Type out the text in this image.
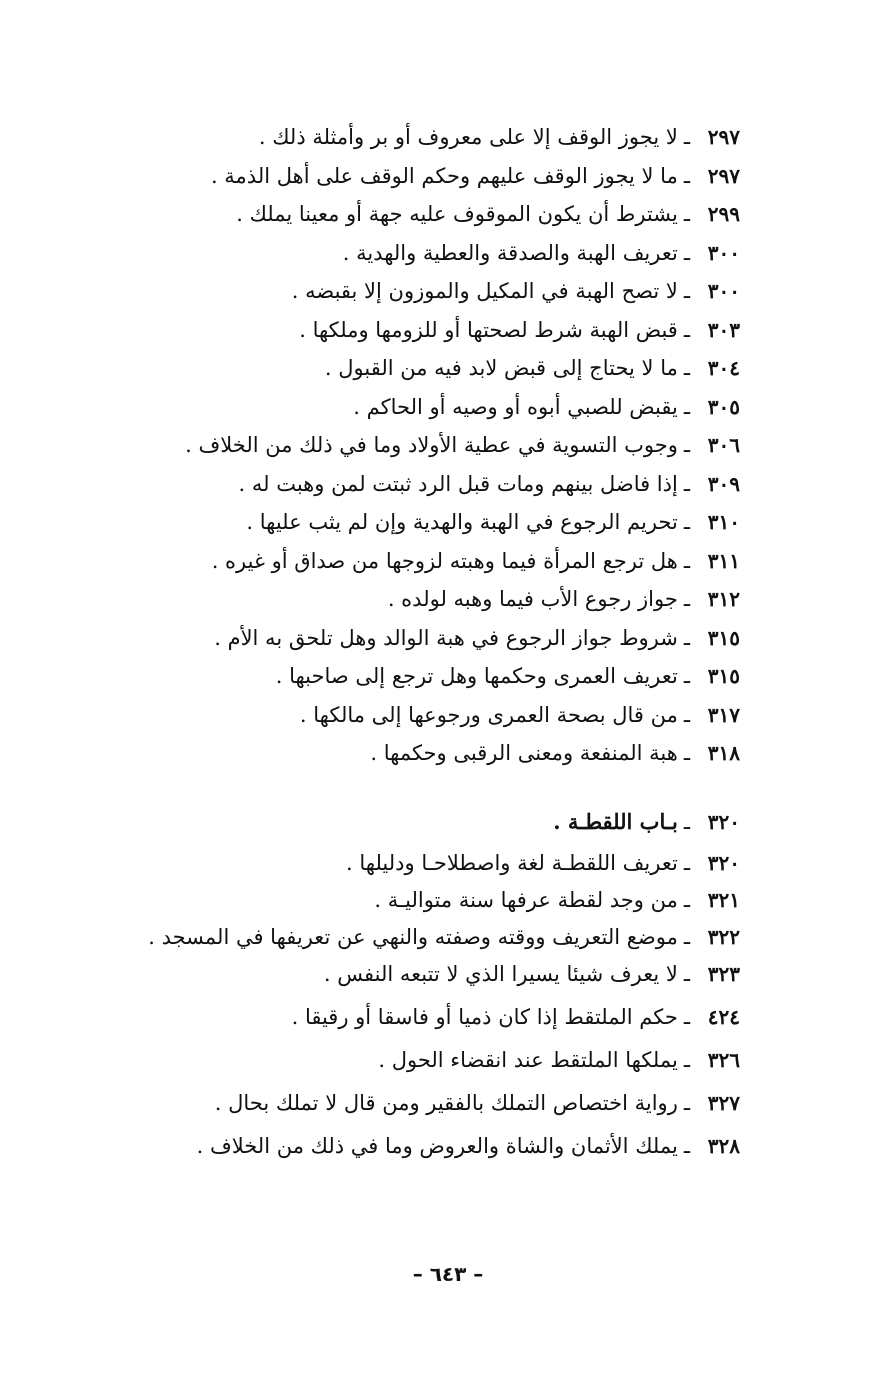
٢٩٧
ـ
لا يجوز الوقف إلا على معروف أو بر وأمثلة ذلك .
٢٩٧
ـ
ما لا يجوز الوقف عليهم وحكم الوقف على أهل الذمة .
٢٩٩
ـ
يشترط أن يكون الموقوف عليه جهة أو معينا يملك .
٣٠٠
ـ
تعريف الهبة والصدقة والعطية والهدية .
٣٠٠
ـ
لا تصح الهبة في المكيل والموزون إلا بقبضه .
٣٠٣
ـ
قبض الهبة شرط لصحتها أو للزومها وملكها .
٣٠٤
ـ
ما لا يحتاج إلى قبض لابد فيه من القبول .
٣٠٥
ـ
يقبض للصبي أبوه أو وصيه أو الحاكم .
٣٠٦
ـ
وجوب التسوية في عطية الأولاد وما في ذلك من الخلاف .
٣٠٩
ـ
إذا فاضل بينهم ومات قبل الرد ثبتت لمن وهبت له .
٣١٠
ـ
تحريم الرجوع في الهبة والهدية وإن لم يثب عليها .
٣١١
ـ
هل ترجع المرأة فيما وهبته لزوجها من صداق أو غيره .
٣١٢
ـ
جواز رجوع الأب فيما وهبه لولده .
٣١٥
ـ
شروط جواز الرجوع في هبة الوالد وهل تلحق به الأم .
٣١٥
ـ
تعريف العمرى وحكمها وهل ترجع إلى صاحبها .
٣١٧
ـ
من قال بصحة العمرى ورجوعها إلى مالكها .
٣١٨
ـ
هبة المنفعة ومعنى الرقبى وحكمها .
٣٢٠
ـ
بـاب اللقطـة .
٣٢٠
ـ
تعريف اللقطـة لغة واصطلاحـا ودليلها .
٣٢١
ـ
من وجد لقطة عرفها سنة متواليـة .
٣٢٢
ـ
موضع التعريف ووقته وصفته والنهي عن تعريفها في المسجد .
٣٢٣
ـ
لا يعرف شيئا يسيرا الذي لا تتبعه النفس .
٤٢٤
ـ
حكم الملتقط إذا كان ذميا أو فاسقا أو رقيقا .
٣٢٦
ـ
يملكها الملتقط عند انقضاء الحول .
٣٢٧
ـ
رواية اختصاص التملك بالفقير ومن قال لا تملك بحال .
٣٢٨
ـ
يملك الأثمان والشاة والعروض وما في ذلك من الخلاف .
– ٦٤٣ –
